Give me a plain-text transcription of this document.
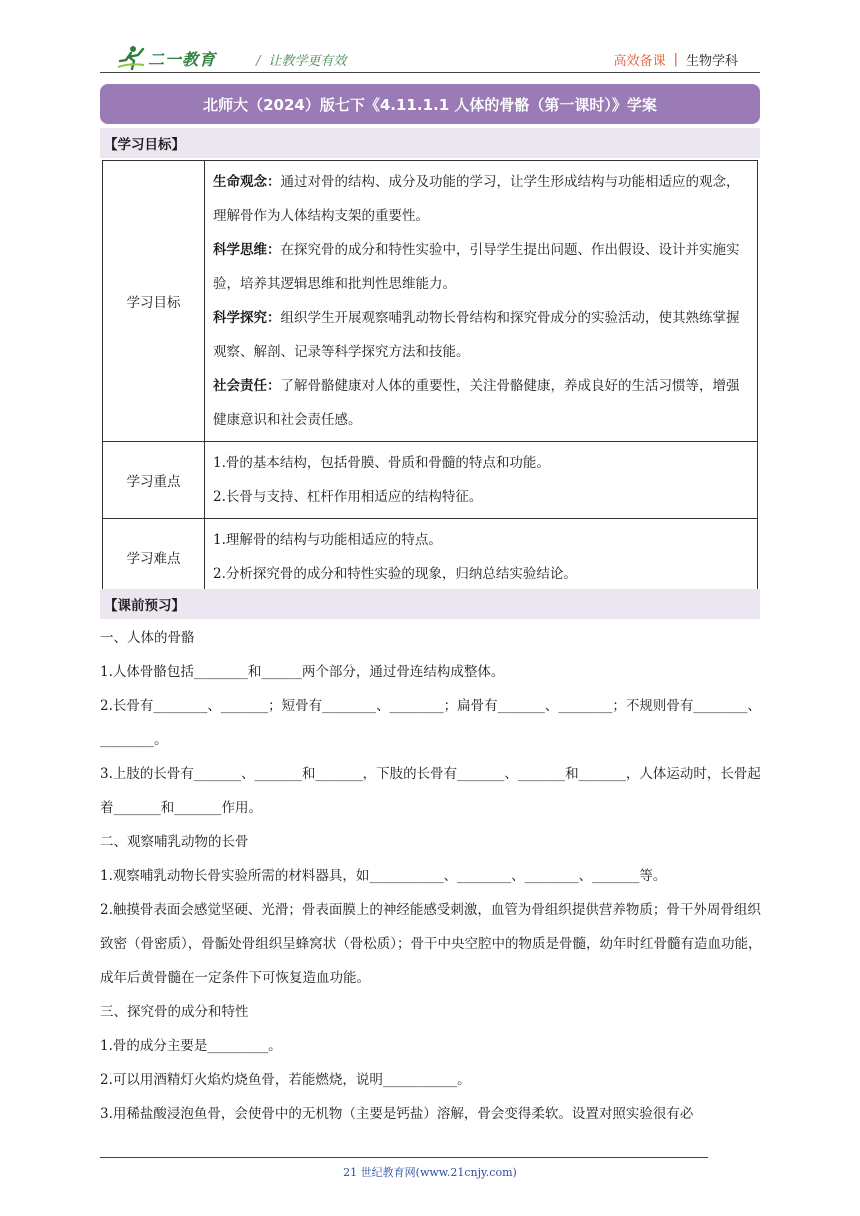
二一教育	/ 让教学更有效	高效备课 | 生物学科
北师大（2024）版七下《4.11.1.1 人体的骨骼（第一课时）》学案
【学习目标】
学习目标	生命观念：通过对骨的结构、成分及功能的学习，让学生形成结构与功能相适应的观念，理解骨作为人体结构支架的重要性。

科学思维：在探究骨的成分和特性实验中，引导学生提出问题、作出假设、设计并实施实验，培养其逻辑思维和批判性思维能力。

科学探究：组织学生开展观察哺乳动物长骨结构和探究骨成分的实验活动，使其熟练掌握观察、解剖、记录等科学探究方法和技能。

社会责任：了解骨骼健康对人体的重要性，关注骨骼健康，养成良好的生活习惯等，增强健康意识和社会责任感。

学习重点	1.骨的基本结构，包括骨膜、骨质和骨髓的特点和功能。

2.长骨与支持、杠杆作用相适应的结构特征。

学习难点	1.理解骨的结构与功能相适应的特点。

2.分析探究骨的成分和特性实验的现象，归纳总结实验结论。

【课前预习】

一、人体的骨骼

1.人体骨骼包括________和______两个部分，通过骨连结构成整体。

2.长骨有________、_______；短骨有________、________；扁骨有_______、________；不规则骨有________、________。

3.上肢的长骨有_______、_______和_______，下肢的长骨有_______、_______和_______，人体运动时，长骨起着_______和_______作用。

二、观察哺乳动物的长骨

1.观察哺乳动物长骨实验所需的材料器具，如___________、________、________、_______等。

2.触摸骨表面会感觉坚硬、光滑；骨表面膜上的神经能感受刺激，血管为骨组织提供营养物质；骨干外周骨组织致密（骨密质），骨骺处骨组织呈蜂窝状（骨松质）；骨干中央空腔中的物质是骨髓，幼年时红骨髓有造血功能，成年后黄骨髓在一定条件下可恢复造血功能。

三、探究骨的成分和特性

1.骨的成分主要是_________。

2.可以用酒精灯火焰灼烧鱼骨，若能燃烧，说明___________。

3.用稀盐酸浸泡鱼骨，会使骨中的无机物（主要是钙盐）溶解，骨会变得柔软。设置对照实验很有必

21 世纪教育网(www.21cnjy.com)
